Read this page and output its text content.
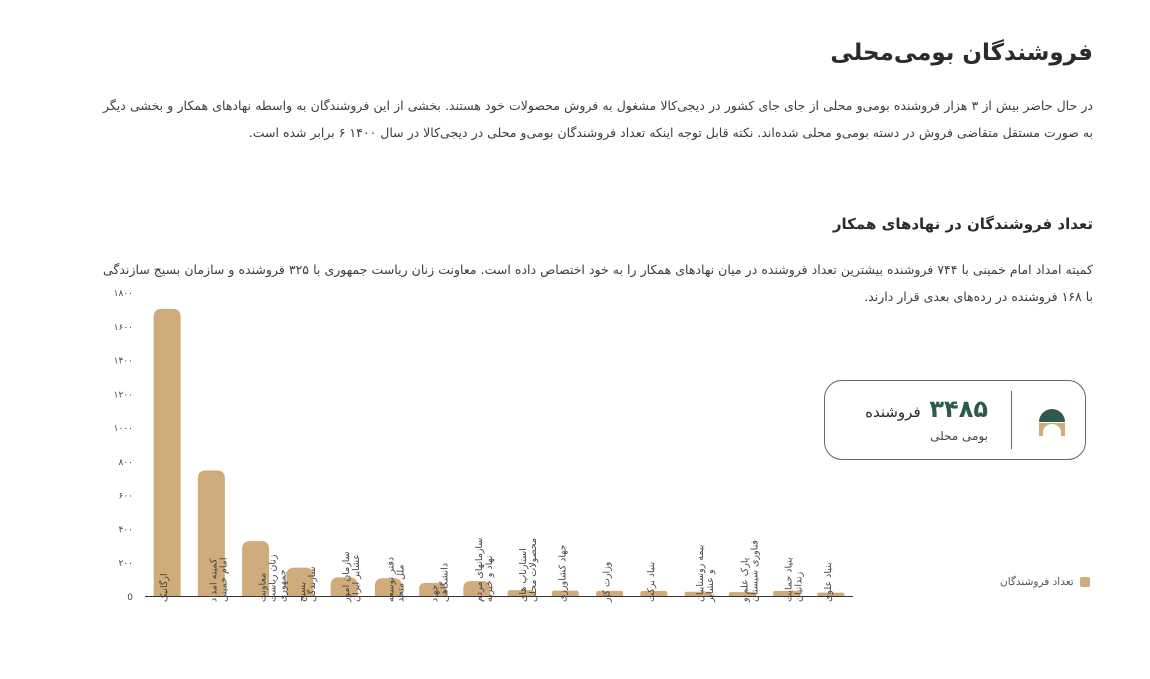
فروشندگان بومی‌محلی

در حال حاضر بیش از ۳ هزار فروشنده بومی‌و محلی از جای جای کشور در دیجی‌کالا مشغول به فروش محصولات خود هستند. بخشی از این فروشندگان به واسطه نهادهای همکار و بخشی دیگر به صورت مستقل متقاضی فروش در دسته بومی‌و محلی شده‌اند. نکته قابل توجه اینکه تعداد فروشندگان بومی‌و محلی در دیجی‌کالا در سال ۱۴۰۰ ۶ برابر شده است.

تعداد فروشندگان در نهادهای همکار

کمیته امداد امام خمینی با ۷۴۴ فروشنده بیشترین تعداد فروشنده در میان نهادهای همکار را به خود اختصاص داده است. معاونت زنان ریاست جمهوری با ۳۲۵ فروشنده و سازمان بسیج سازندگی با ۱۶۸ فروشنده در رده‌های بعدی قرار دارند.

0
۲۰۰
۴۰۰
۶۰۰
۸۰۰
۱۰۰۰
۱۲۰۰
۱۴۰۰
۱۶۰۰
۱۸۰۰
ارگانیک	کمیته امدادامام خمینی	معاونتزنان ریاستجمهوری بسیجسازندگی سازمان امورعشایر ایران دفتر توسعهملل متحد جهاددانشگاهی سازمانهای مردمنهاد و خیریه استارتاپ هایمحصولات محلی جهاد کشاورزی	وزارت کار	بنیاد برکت	بیمه روستاییانو عشایر پارک علم وفناوری سیستان بنیاد حمایتزندانیان بنیاد علوی
۳۴۸۵ فروشنده
بومی محلی
تعداد فروشندگان
